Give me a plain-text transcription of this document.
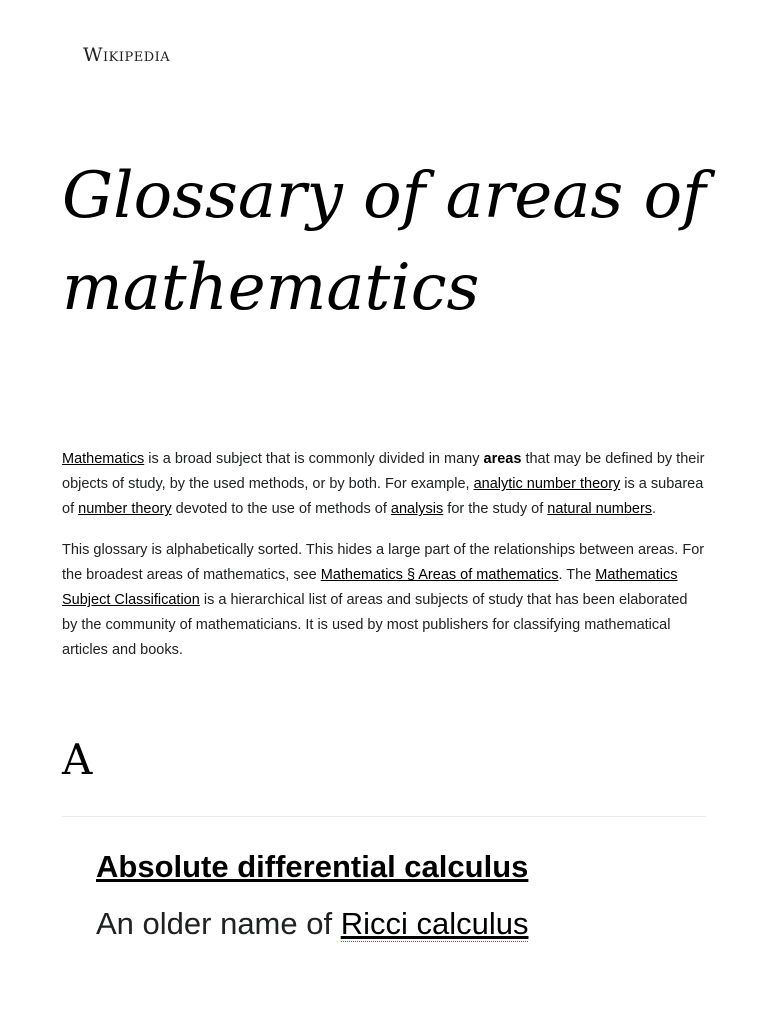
Wikipedia
Glossary of areas of mathematics

Mathematics is a broad subject that is commonly divided in many areas that may be defined by their objects of study, by the used methods, or by both. For example, analytic number theory is a subarea of number theory devoted to the use of methods of analysis for the study of natural numbers.

This glossary is alphabetically sorted. This hides a large part of the relationships between areas. For the broadest areas of mathematics, see Mathematics § Areas of mathematics. The Mathematics Subject Classification is a hierarchical list of areas and subjects of study that has been elaborated by the community of mathematicians. It is used by most publishers for classifying mathematical articles and books.

A
Absolute differential calculus

An older name of Ricci calculus
